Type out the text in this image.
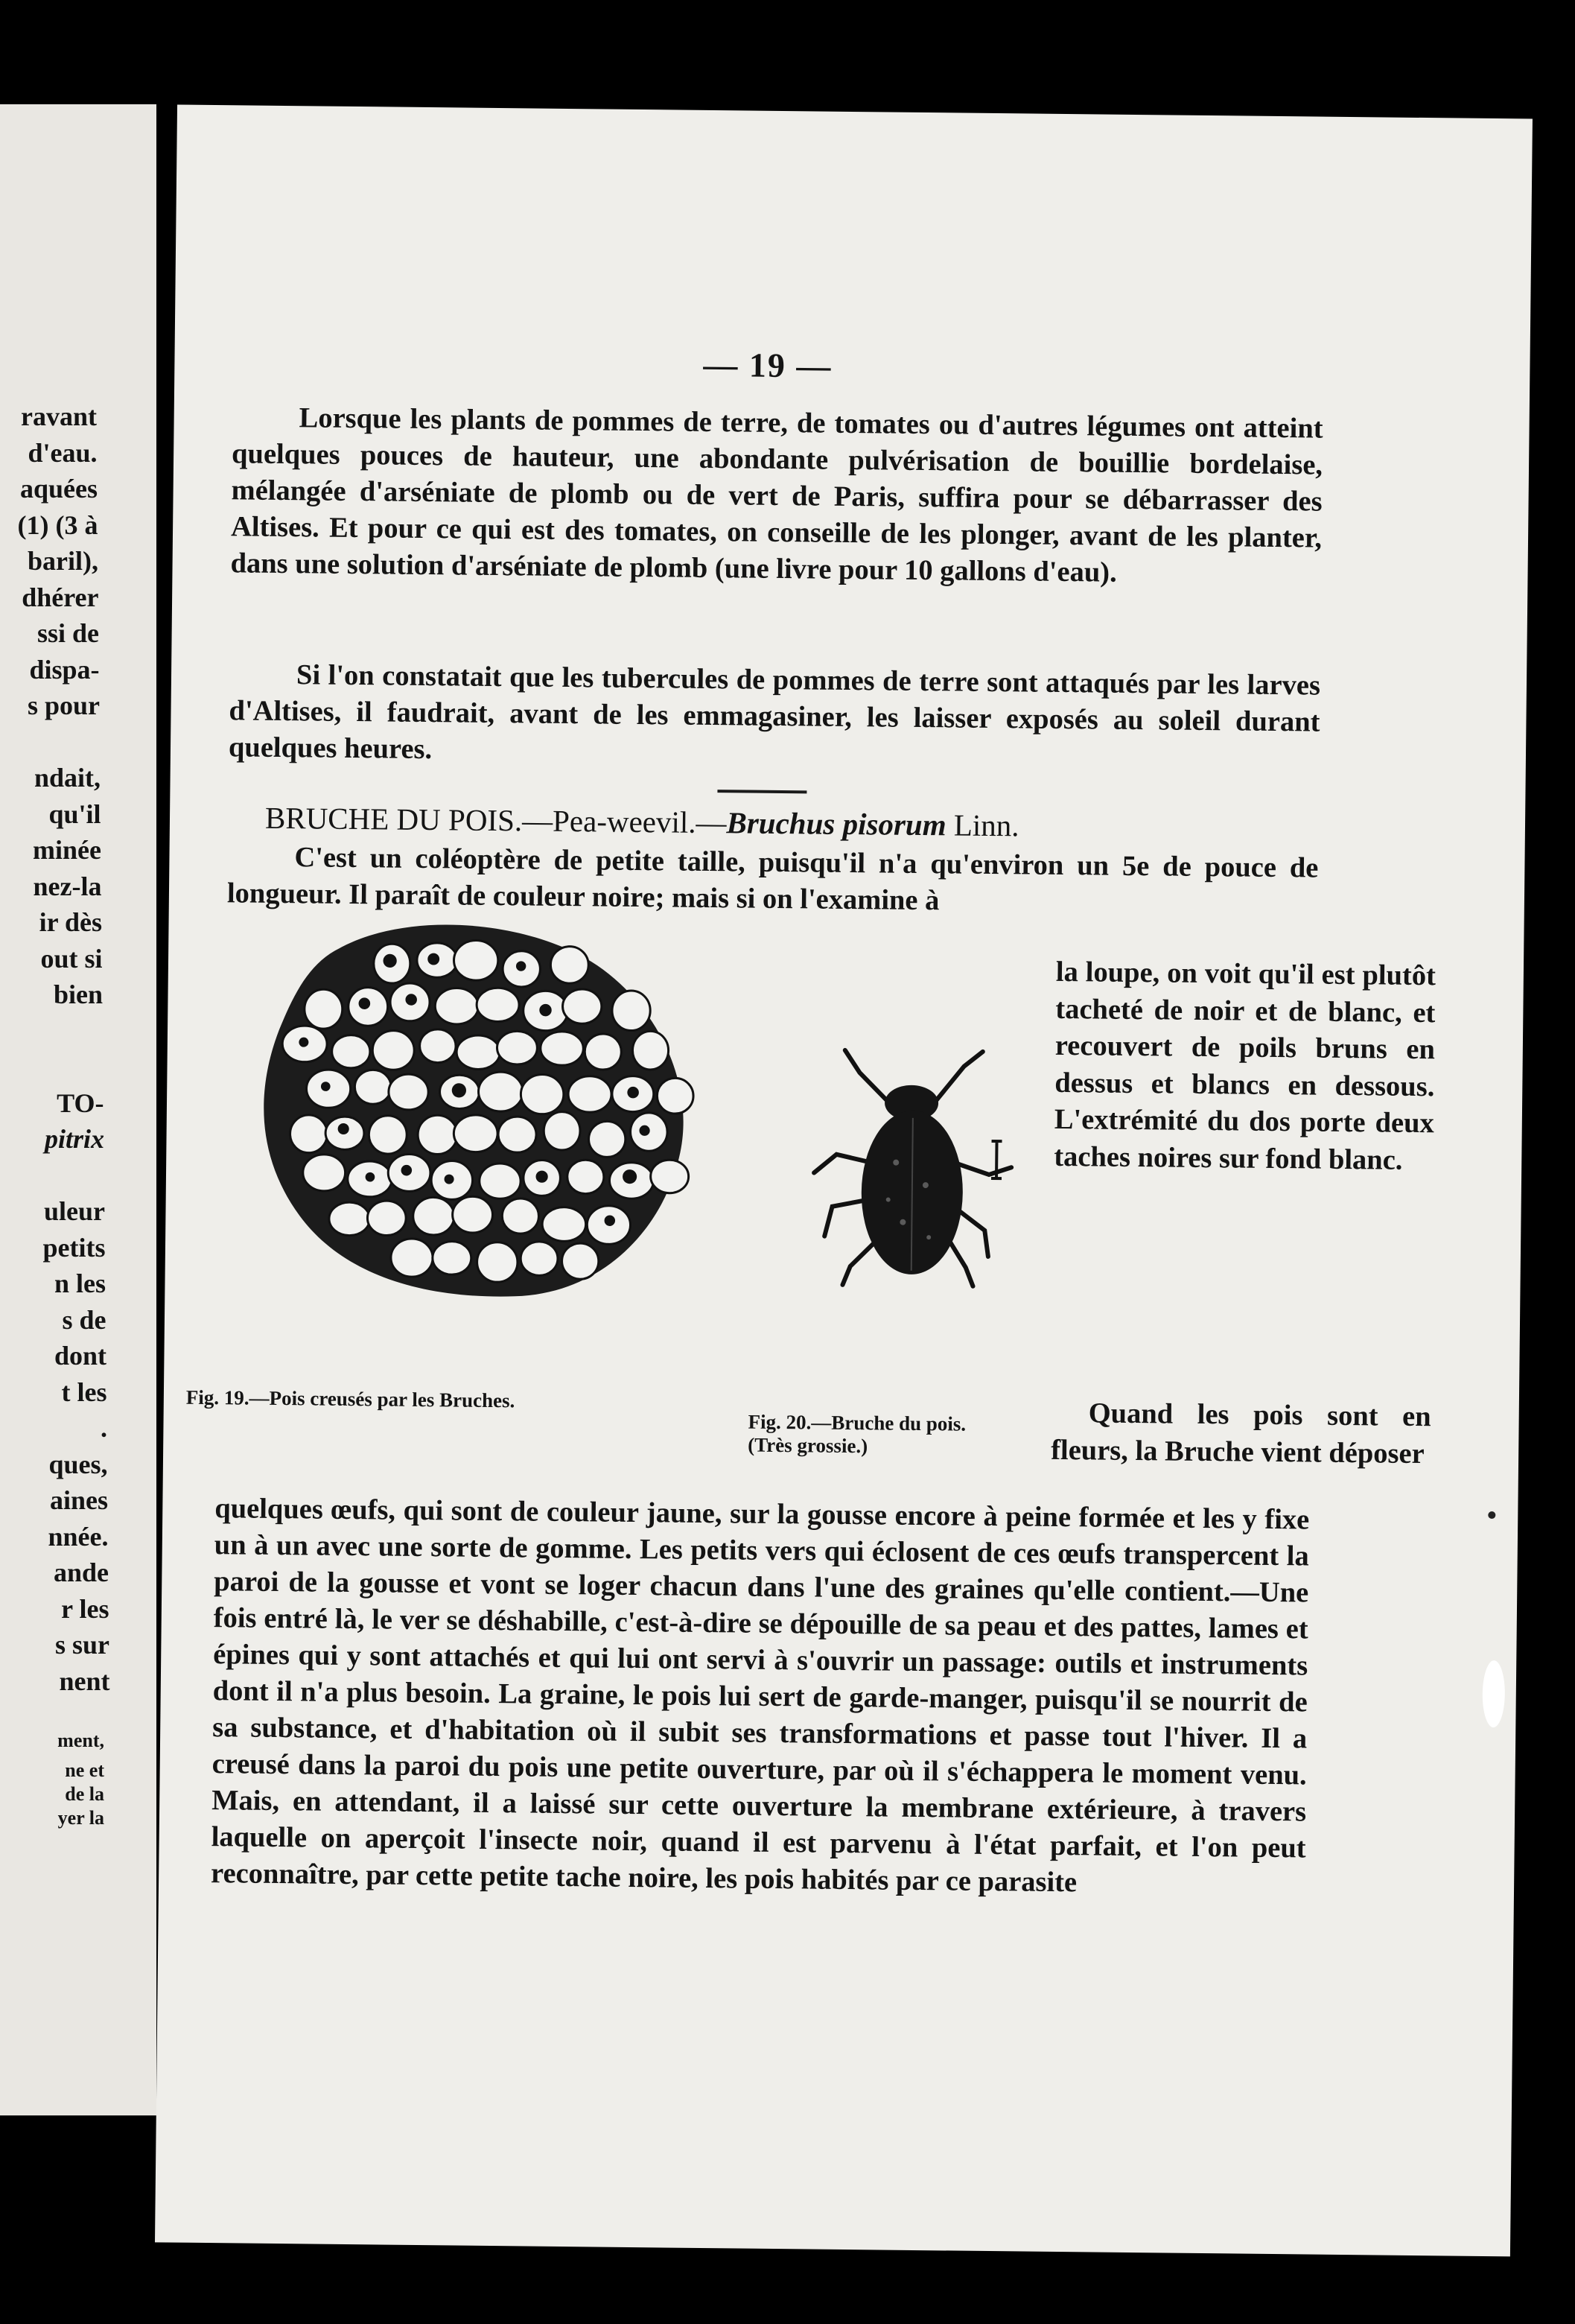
ravant
d'eau.
aquées
(1) (3 à
baril),
dhérer
ssi de
dispa-
s pour
ndait,
qu'il
minée
nez-la
ir dès
out si
bien
TO-
pitrix
uleur
petits
n les
s de
dont
t les
.
ques,
aines
nnée.
ande
r les
s sur
nent
ment,
ne et
de la
yer la
— 19 —

Lorsque les plants de pommes de terre, de tomates ou d'autres légumes ont atteint quelques pouces de hauteur, une abondante pulvérisation de bouillie bordelaise, mélangée d'arséniate de plomb ou de vert de Paris, suffira pour se débarrasser des Altises. Et pour ce qui est des tomates, on conseille de les plonger, avant de les planter, dans une solution d'arséniate de plomb (une livre pour 10 gallons d'eau).

Si l'on constatait que les tubercules de pommes de terre sont attaqués par les larves d'Altises, il faudrait, avant de les emmagasiner, les laisser exposés au soleil durant quelques heures.

BRUCHE DU POIS.—Pea-weevil.—Bruchus pisorum Linn.

C'est un coléoptère de petite taille, puisqu'il n'a qu'environ un 5e de pouce de longueur. Il paraît de couleur noire; mais si on l'examine à

Fig. 19.—Pois creusés par les Bruches.
Fig. 20.—Bruche du pois.
(Très grossie.)

la loupe, on voit qu'il est plutôt tacheté de noir et de blanc, et recouvert de poils bruns en dessus et blancs en dessous. L'extrémité du dos porte deux taches noires sur fond blanc.

Quand les pois sont en fleurs, la Bruche vient déposer

quelques œufs, qui sont de couleur jaune, sur la gousse encore à peine formée et les y fixe un à un avec une sorte de gomme. Les petits vers qui éclosent de ces œufs transpercent la paroi de la gousse et vont se loger chacun dans l'une des graines qu'elle contient.—Une fois entré là, le ver se déshabille, c'est-à-dire se dépouille de sa peau et des pattes, lames et épines qui y sont attachés et qui lui ont servi à s'ouvrir un passage: outils et instruments dont il n'a plus besoin. La graine, le pois lui sert de garde-manger, puisqu'il se nourrit de sa substance, et d'habitation où il subit ses transformations et passe tout l'hiver. Il a creusé dans la paroi du pois une petite ouverture, par où il s'échappera le moment venu. Mais, en attendant, il a laissé sur cette ouverture la membrane extérieure, à travers laquelle on aperçoit l'insecte noir, quand il est parvenu à l'état parfait, et l'on peut reconnaître, par cette petite tache noire, les pois habités par ce parasite
